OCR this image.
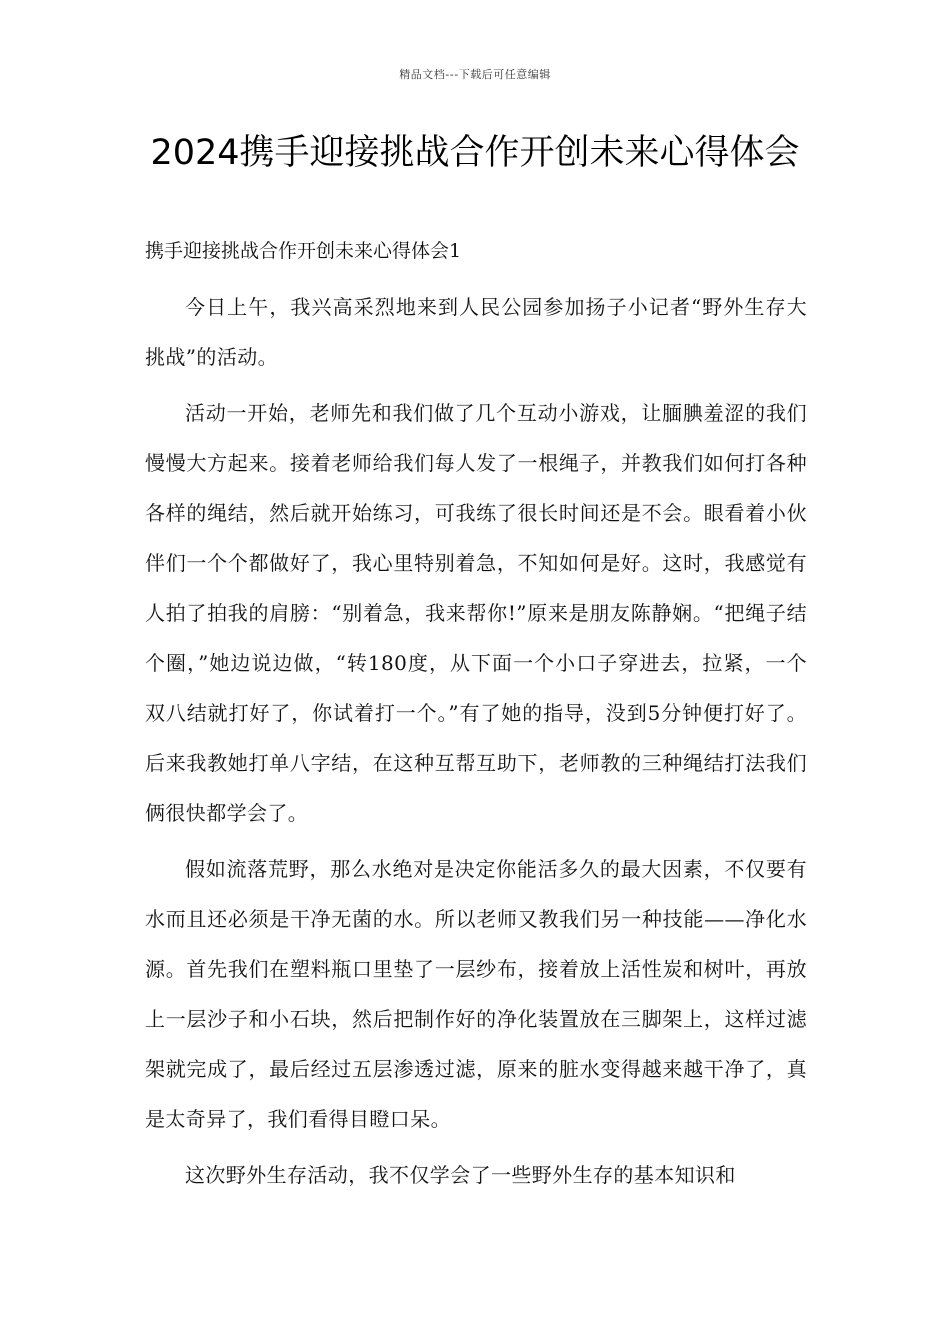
精品文档---下载后可任意编辑
2024携手迎接挑战合作开创未来心得体会

携手迎接挑战合作开创未来心得体会1

今日上午，我兴高采烈地来到人民公园参加扬子小记者“野外生存大挑战”的活动。

活动一开始，老师先和我们做了几个互动小游戏，让腼腆羞涩的我们慢慢大方起来。接着老师给我们每人发了一根绳子，并教我们如何打各种各样的绳结，然后就开始练习，可我练了很长时间还是不会。眼看着小伙伴们一个个都做好了，我心里特别着急，不知如何是好。这时，我感觉有人拍了拍我的肩膀：“别着急，我来帮你!”原来是朋友陈静娴。“把绳子结个圈，”她边说边做，“转180度，从下面一个小口子穿进去，拉紧，一个双八结就打好了，你试着打一个。”有了她的指导，没到5分钟便打好了。后来我教她打单八字结，在这种互帮互助下，老师教的三种绳结打法我们俩很快都学会了。

假如流落荒野，那么水绝对是决定你能活多久的最大因素，不仅要有水而且还必须是干净无菌的水。所以老师又教我们另一种技能——净化水源。首先我们在塑料瓶口里垫了一层纱布，接着放上活性炭和树叶，再放上一层沙子和小石块，然后把制作好的净化装置放在三脚架上，这样过滤架就完成了，最后经过五层渗透过滤，原来的脏水变得越来越干净了，真是太奇异了，我们看得目瞪口呆。

这次野外生存活动，我不仅学会了一些野外生存的基本知识和
